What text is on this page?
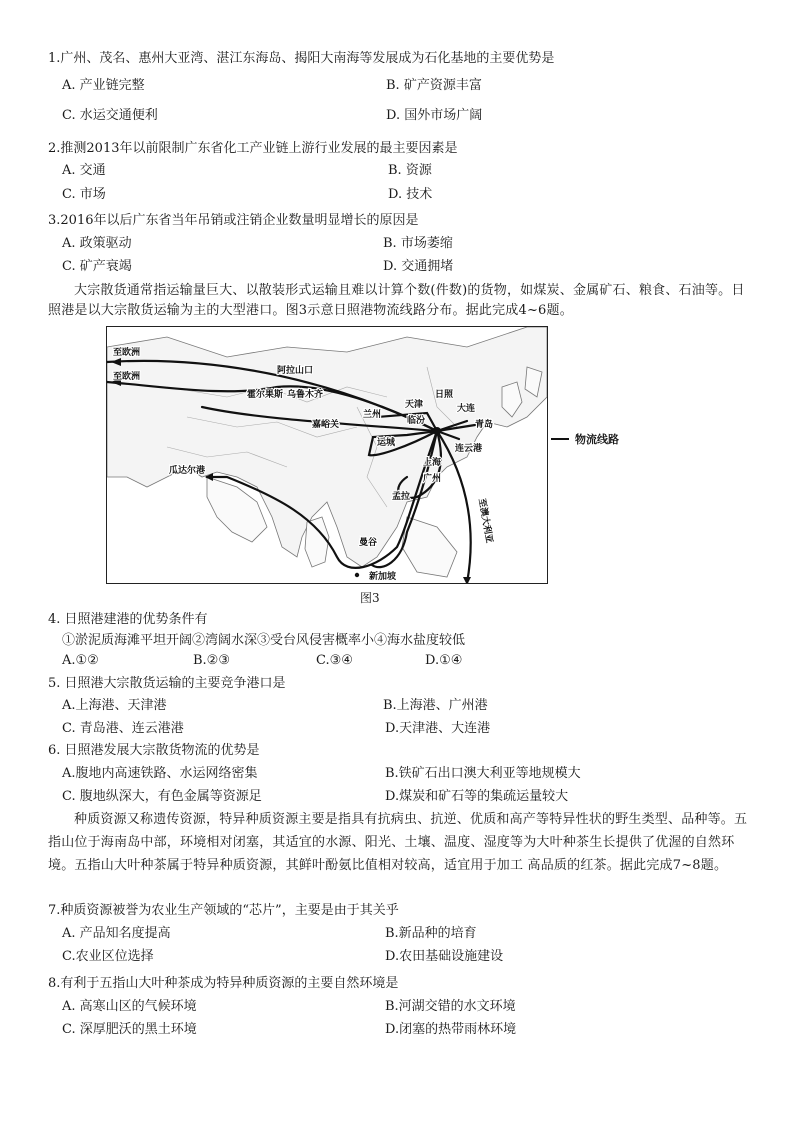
1.广州、茂名、惠州大亚湾、湛江东海岛、揭阳大南海等发展成为石化基地的主要优势是
A. 产业链完整	B. 矿产资源丰富
C. 水运交通便利	D. 国外市场广阔
2.推测2013年以前限制广东省化工产业链上游行业发展的最主要因素是
A. 交通	B. 资源
C. 市场	D. 技术
3.2016年以后广东省当年吊销或注销企业数量明显增长的原因是
A. 政策驱动	B. 市场萎缩
C. 矿产衰竭	D. 交通拥堵
大宗散货通常指运输量巨大、以散装形式运输且难以计算个数(件数)的货物，如煤炭、金属矿石、粮食、石油等。日照港是以大宗散货运输为主的大型港口。图3示意日照港物流线路分布。据此完成4~6题。
至欧洲
至欧洲
阿拉山口
霍尔果斯 乌鲁木齐
嘉峪关
兰州
天津
日照
大连
青岛
临汾
运城
连云港
上海
广州
瓜达尔港
孟拉
曼谷
新加坡
至澳大利亚
物流线路
图3
4. 日照港建港的优势条件有
①淤泥质海滩平坦开阔②湾阔水深③受台风侵害概率小④海水盐度较低
A.①②	B.②③	C.③④	D.①④
5. 日照港大宗散货运输的主要竞争港口是
A.上海港、天津港	B.上海港、广州港
C. 青岛港、连云港港	D.天津港、大连港
6. 日照港发展大宗散货物流的优势是
A.腹地内高速铁路、水运网络密集	B.铁矿石出口澳大利亚等地规模大
C. 腹地纵深大，有色金属等资源足	D.煤炭和矿石等的集疏运量较大
种质资源又称遗传资源，特异种质资源主要是指具有抗病虫、抗逆、优质和高产等特异性状的野生类型、品种等。五指山位于海南岛中部，环境相对闭塞，其适宜的水源、阳光、土壤、温度、湿度等为大叶种茶生长提供了优渥的自然环境。五指山大叶种茶属于特异种质资源，其鲜叶酚氨比值相对较高，适宜用于加工 高品质的红茶。据此完成7~8题。
7.种质资源被誉为农业生产领域的“芯片”，主要是由于其关乎
A. 产品知名度提高	B.新品种的培育
C.农业区位选择	D.农田基础设施建设
8.有利于五指山大叶种茶成为特异种质资源的主要自然环境是
A. 高寒山区的气候环境	B.河湖交错的水文环境
C. 深厚肥沃的黑土环境	D.闭塞的热带雨林环境
